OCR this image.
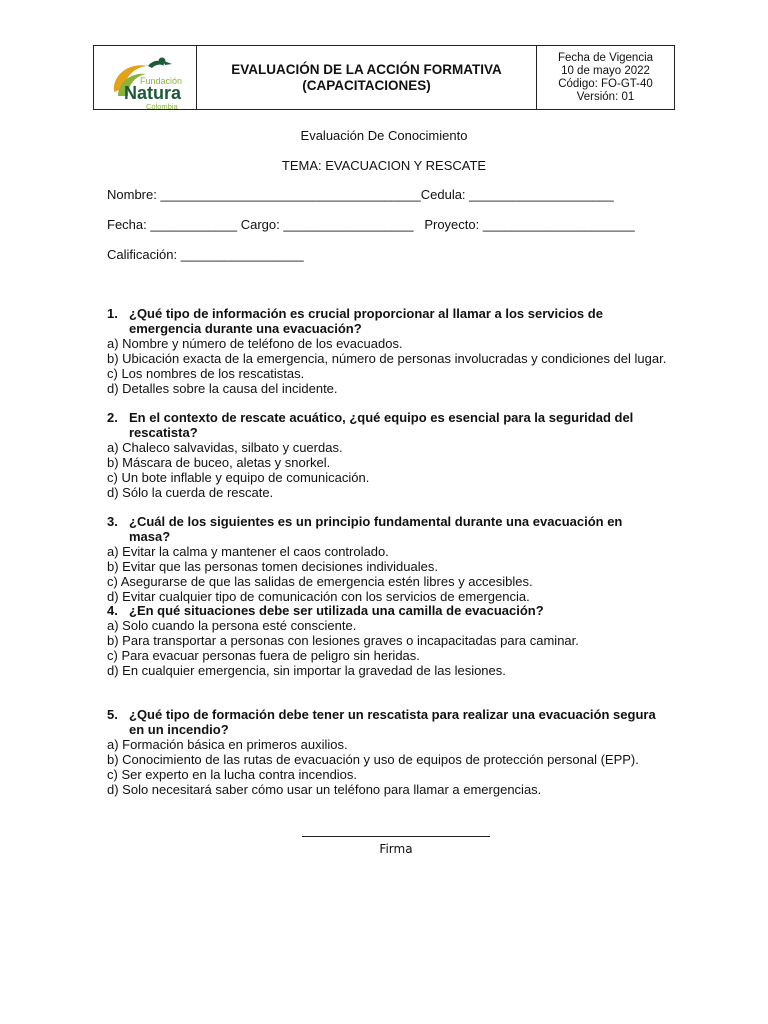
Fundación
Natura
Colombia
EVALUACIÓN DE LA ACCIÓN FORMATIVA
(CAPACITACIONES)
Fecha de Vigencia
10 de mayo 2022
Código: FO-GT-40
Versión: 01
Evaluación De Conocimiento
TEMA: EVACUACION Y RESCATE
Nombre: ____________________________________Cedula: ____________________
Fecha: ____________ Cargo: __________________   Proyecto: _____________________
Calificación: _________________
1. ¿Qué tipo de información es crucial proporcionar al llamar a los servicios de emergencia durante una evacuación?
a) Nombre y número de teléfono de los evacuados.
b) Ubicación exacta de la emergencia, número de personas involucradas y condiciones del lugar.
c) Los nombres de los rescatistas.
d) Detalles sobre la causa del incidente.
2. En el contexto de rescate acuático, ¿qué equipo es esencial para la seguridad del rescatista?
a) Chaleco salvavidas, silbato y cuerdas.
b) Máscara de buceo, aletas y snorkel.
c) Un bote inflable y equipo de comunicación.
d) Sólo la cuerda de rescate.
3. ¿Cuál de los siguientes es un principio fundamental durante una evacuación en masa?
a) Evitar la calma y mantener el caos controlado.
b) Evitar que las personas tomen decisiones individuales.
c) Asegurarse de que las salidas de emergencia estén libres y accesibles.
d) Evitar cualquier tipo de comunicación con los servicios de emergencia.
4. ¿En qué situaciones debe ser utilizada una camilla de evacuación?
a) Solo cuando la persona esté consciente.
b) Para transportar a personas con lesiones graves o incapacitadas para caminar.
c) Para evacuar personas fuera de peligro sin heridas.
d) En cualquier emergencia, sin importar la gravedad de las lesiones.
5. ¿Qué tipo de formación debe tener un rescatista para realizar una evacuación segura en un incendio?
a) Formación básica en primeros auxilios.
b) Conocimiento de las rutas de evacuación y uso de equipos de protección personal (EPP).
c) Ser experto en la lucha contra incendios.
d) Solo necesitará saber cómo usar un teléfono para llamar a emergencias.
Firma
